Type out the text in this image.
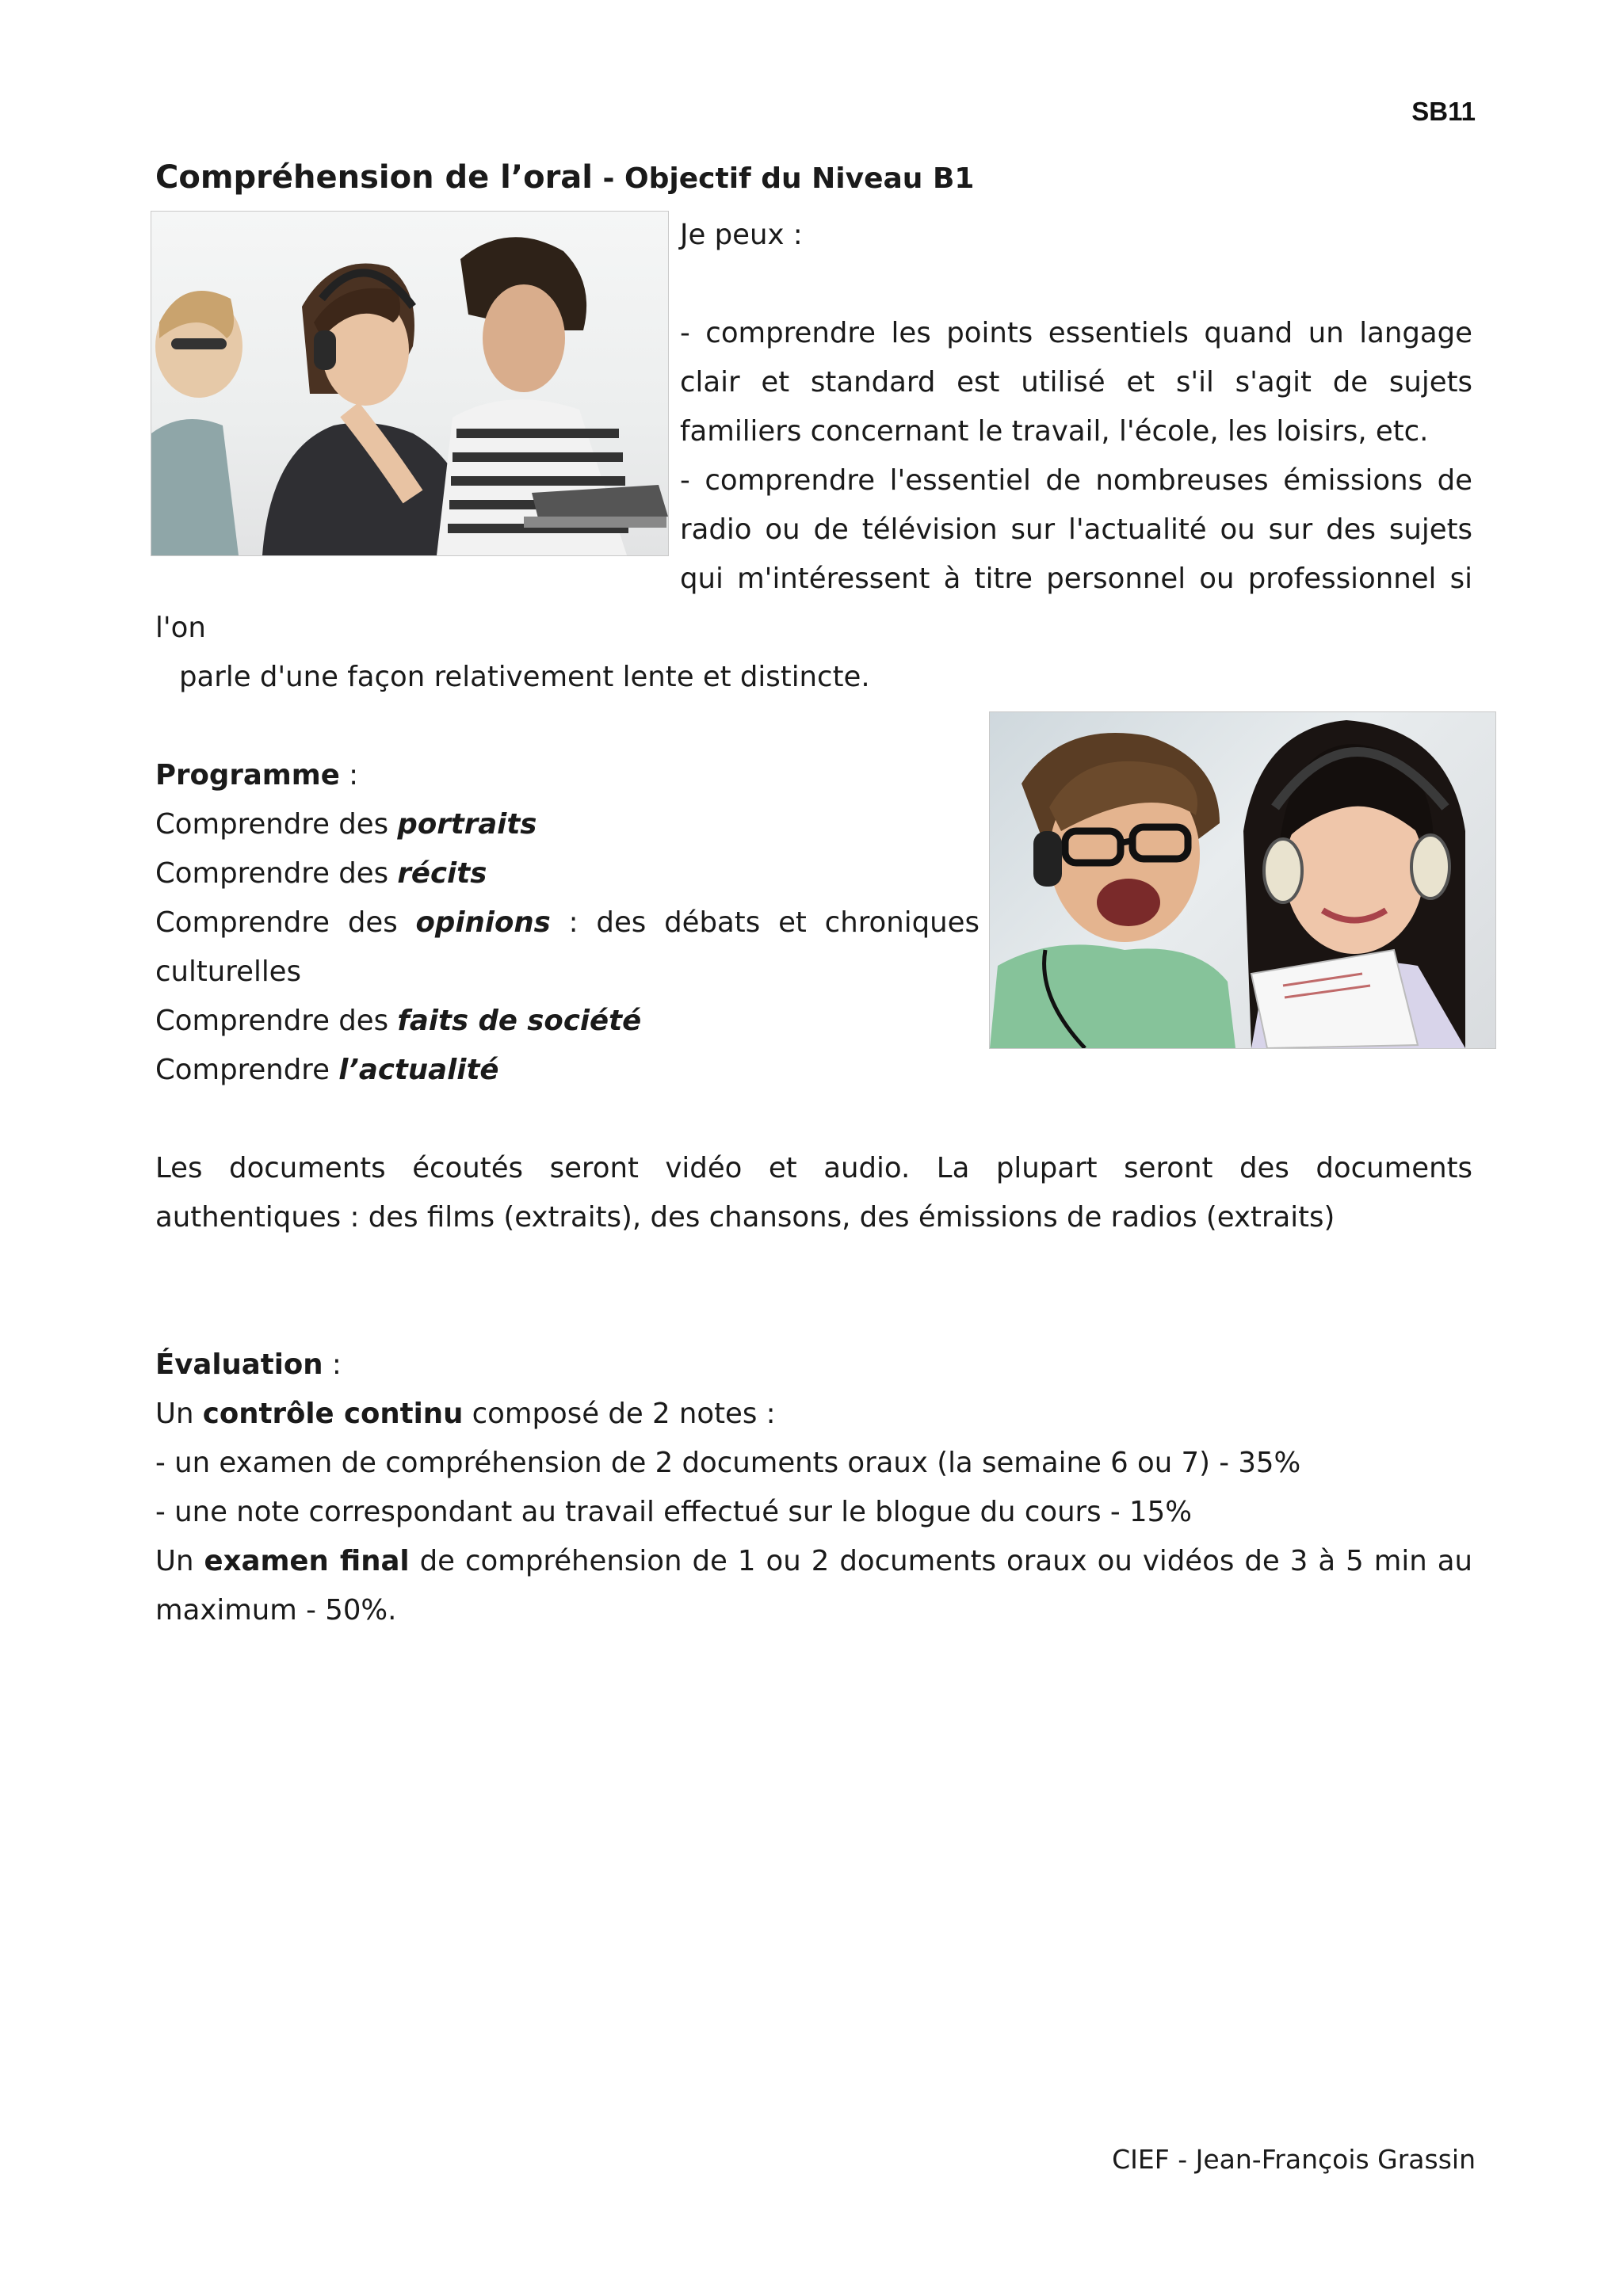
SB11
Compréhension de l’oral - Objectif du Niveau B1

Je peux :

- comprendre les points essentiels quand un langage clair et standard est utilisé et s'il s'agit de sujets familiers concernant le travail, l'école, les loisirs, etc.

- comprendre l'essentiel de nombreuses émissions de radio ou de télévision sur l'actualité ou sur des sujets qui m'intéressent à titre personnel ou professionnel si l'on

parle d'une façon relativement lente et distincte.

Programme :

Comprendre des portraits

Comprendre des récits

Comprendre des opinions : des débats et chroniques culturelles

Comprendre des faits de société

Comprendre l’actualité

Les documents écoutés seront vidéo et audio. La plupart seront des documents authentiques : des films (extraits), des chansons, des émissions de radios (extraits)

Évaluation :

Un contrôle continu composé de 2 notes :

- un examen de compréhension de 2 documents oraux (la semaine 6 ou 7) - 35%

- une note correspondant au travail effectué sur le blogue du cours - 15%

Un examen final de compréhension de 1 ou 2 documents oraux ou vidéos de 3 à 5 min au maximum - 50%.

CIEF - Jean-François Grassin
